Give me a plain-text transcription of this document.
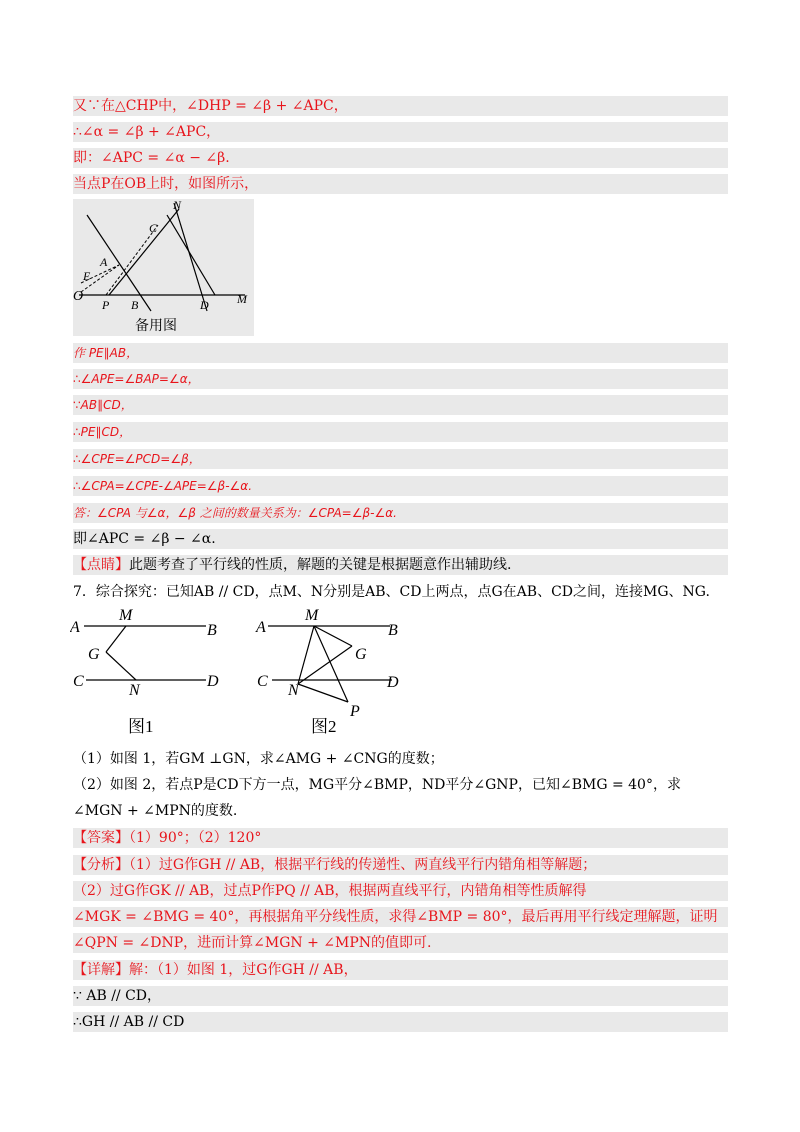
又∵在△CHP中，∠DHP = ∠β + ∠APC，
∴∠α = ∠β + ∠APC，
即：∠APC = ∠α − ∠β.
当点P在OB上时，如图所示，
N
C
A
E
O
P B	D M
备用图
作 PE∥AB，
∴∠APE=∠BAP=∠α，
∵AB∥CD，
∴PE∥CD，
∴∠CPE=∠PCD=∠β，
∴∠CPA=∠CPE-∠APE=∠β-∠α.
答：∠CPA 与∠α，∠β 之间的数量关系为：∠CPA=∠β-∠α.
即∠APC = ∠β − ∠α.
【点睛】此题考查了平行线的性质，解题的关键是根据题意作出辅助线.
7．综合探究：已知AB // CD，点M、N分别是AB、CD上两点，点G在AB、CD之间，连接MG、NG.
A
M
B
G
C
N
D
A
M
B
G
C
N	D
P
图1	图2
（1）如图 1，若GM ⊥GN，求∠AMG + ∠CNG的度数；
（2）如图 2，若点P是CD下方一点，MG平分∠BMP，ND平分∠GNP，已知∠BMG = 40°，求
∠MGN + ∠MPN的度数.
【答案】（1）90°；（2）120°
【分析】（1）过G作GH // AB，根据平行线的传递性、两直线平行内错角相等解题；
（2）过G作GK // AB，过点P作PQ // AB，根据两直线平行，内错角相等性质解得
∠MGK = ∠BMG = 40°，再根据角平分线性质，求得∠BMP = 80°，最后再用平行线定理解题，证明
∠QPN = ∠DNP，进而计算∠MGN + ∠MPN的值即可.
【详解】解：（1）如图 1，过G作GH // AB，
∵ AB // CD，
∴GH // AB // CD
